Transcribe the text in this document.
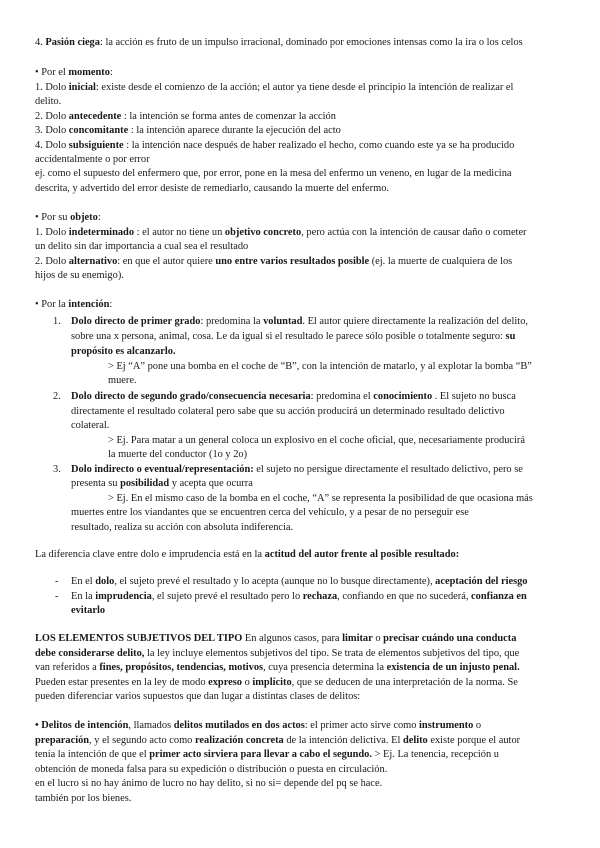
4. Pasión ciega: la acción es fruto de un impulso irracional, dominado por emociones intensas como la ira o los celos
• Por el momento:
1. Dolo inicial: existe desde el comienzo de la acción; el autor ya tiene desde el principio la intención de realizar el
delito.
2. Dolo antecedente : la intención se forma antes de comenzar la acción
3. Dolo concomitante : la intención aparece durante la ejecución del acto
4. Dolo subsiguiente : la intención nace después de haber realizado el hecho, como cuando este ya se ha producido
accidentalmente o por error
ej. como el supuesto del enfermero que, por error, pone en la mesa del enfermo un veneno, en lugar de la medicina
descrita, y advertido del error desiste de remediarlo, causando la muerte del enfermo.
• Por su objeto:
1. Dolo indeterminado : el autor no tiene un objetivo concreto, pero actúa con la intención de causar daño o cometer
un delito sin dar importancia a cual sea el resultado
2. Dolo alternativo: en que el autor quiere uno entre varios resultados posible (ej. la muerte de cualquiera de los
hijos de su enemigo).
• Por la intención:
1. Dolo directo de primer grado: predomina la voluntad. El autor quiere directamente la realización del delito,
sobre una x persona, animal, cosa. Le da igual si el resultado le parece sólo posible o totalmente seguro: su
propósito es alcanzarlo.
> Ej “A” pone una bomba en el coche de “B”, con la intención de matarlo, y al explotar la bomba “B”
muere.
2. Dolo directo de segundo grado/consecuencia necesaria: predomina el conocimiento . El sujeto no busca
directamente el resultado colateral pero sabe que su acción producirá un determinado resultado delictivo
colateral.
> Ej. Para matar a un general coloca un explosivo en el coche oficial, que, necesariamente producirá
la muerte del conductor (1o y 2o)
3. Dolo indirecto o eventual/representación: el sujeto no persigue directamente el resultado delictivo, pero se
presenta su posibilidad y acepta que ocurra
> Ej. En el mismo caso de la bomba en el coche, “A” se representa la posibilidad de que ocasiona más
muertes entre los viandantes que se encuentren cerca del vehículo, y a pesar de no perseguir ese
resultado, realiza su acción con absoluta indiferencia.
La diferencia clave entre dolo e imprudencia está en la actitud del autor frente al posible resultado:
- En el dolo, el sujeto prevé el resultado y lo acepta (aunque no lo busque directamente), aceptación del riesgo
- En la imprudencia, el sujeto prevé el resultado pero lo rechaza, confiando en que no sucederá, confianza en
evitarlo
LOS ELEMENTOS SUBJETIVOS DEL TIPO En algunos casos, para limitar o precisar cuándo una conducta
debe considerarse delito, la ley incluye elementos subjetivos del tipo. Se trata de elementos subjetivos del tipo, que
van referidos a fines, propósitos, tendencias, motivos, cuya presencia determina la existencia de un injusto penal.
Pueden estar presentes en la ley de modo expreso o implícito, que se deducen de una interpretación de la norma. Se
pueden diferenciar varios supuestos que dan lugar a distintas clases de delitos:
• Delitos de intención, llamados delitos mutilados en dos actos: el primer acto sirve como instrumento o
preparación, y el segundo acto como realización concreta de la intención delictiva. El delito existe porque el autor
tenía la intención de que el primer acto sirviera para llevar a cabo el segundo. > Ej. La tenencia, recepción u
obtención de moneda falsa para su expedición o distribución o puesta en circulación.
en el lucro si no hay ánimo de lucro no hay delito, si no si= depende del pq se hace.
también por los bienes.
